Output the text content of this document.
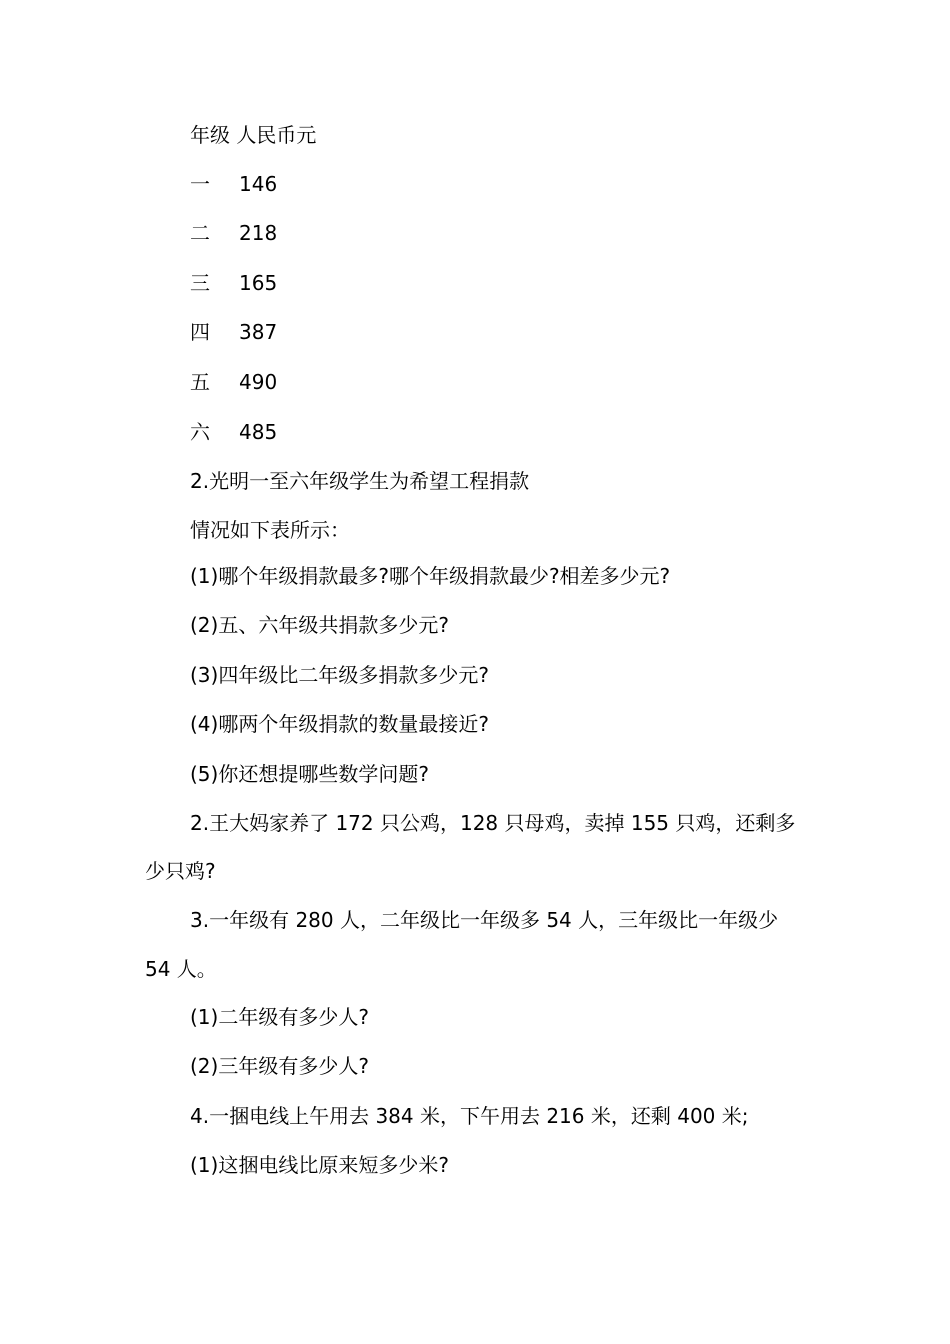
年级 人民币元
一 146
二 218
三 165
四 387
五 490
六 485
2.光明一至六年级学生为希望工程捐款
情况如下表所示：
(1)哪个年级捐款最多?哪个年级捐款最少?相差多少元?
(2)五、六年级共捐款多少元?
(3)四年级比二年级多捐款多少元?
(4)哪两个年级捐款的数量最接近?
(5)你还想提哪些数学问题?
2.王大妈家养了 172 只公鸡，128 只母鸡，卖掉 155 只鸡，还剩多
少只鸡?
3.一年级有 280 人，二年级比一年级多 54 人，三年级比一年级少
54 人。
(1)二年级有多少人?
(2)三年级有多少人?
4.一捆电线上午用去 384 米，下午用去 216 米，还剩 400 米;
(1)这捆电线比原来短多少米?
